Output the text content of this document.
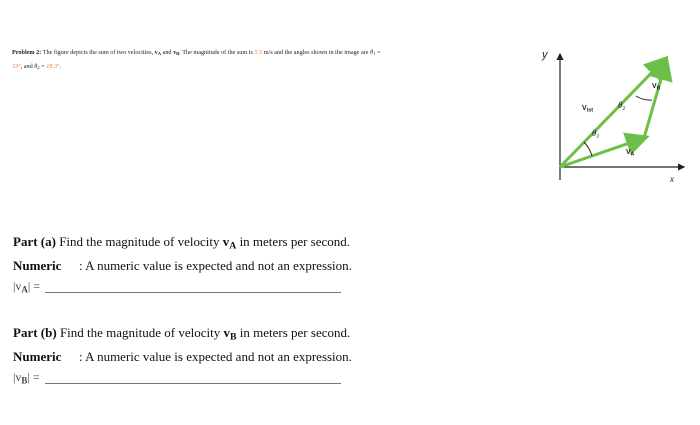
Problem 2: The figure depicts the sum of two velocities, $v_A$ and $v_B$. The magnitude of the sum is 5.5 m/s and the angles shown in the image are $\theta_1$ =
33°, and $\theta_2 = 18.3^\circ$.
y
x
$V_{tot}$
$V_A$
$V_B$
$\theta_1$
$\theta_2$
Part (a) Find the magnitude of velocity $v_A$ in meters per second.
Numeric : A numeric value is expected and not an expression.
$|v_A|$ =
Part (b) Find the magnitude of velocity $v_B$ in meters per second.
Numeric : A numeric value is expected and not an expression.
$|v_B|$ =
